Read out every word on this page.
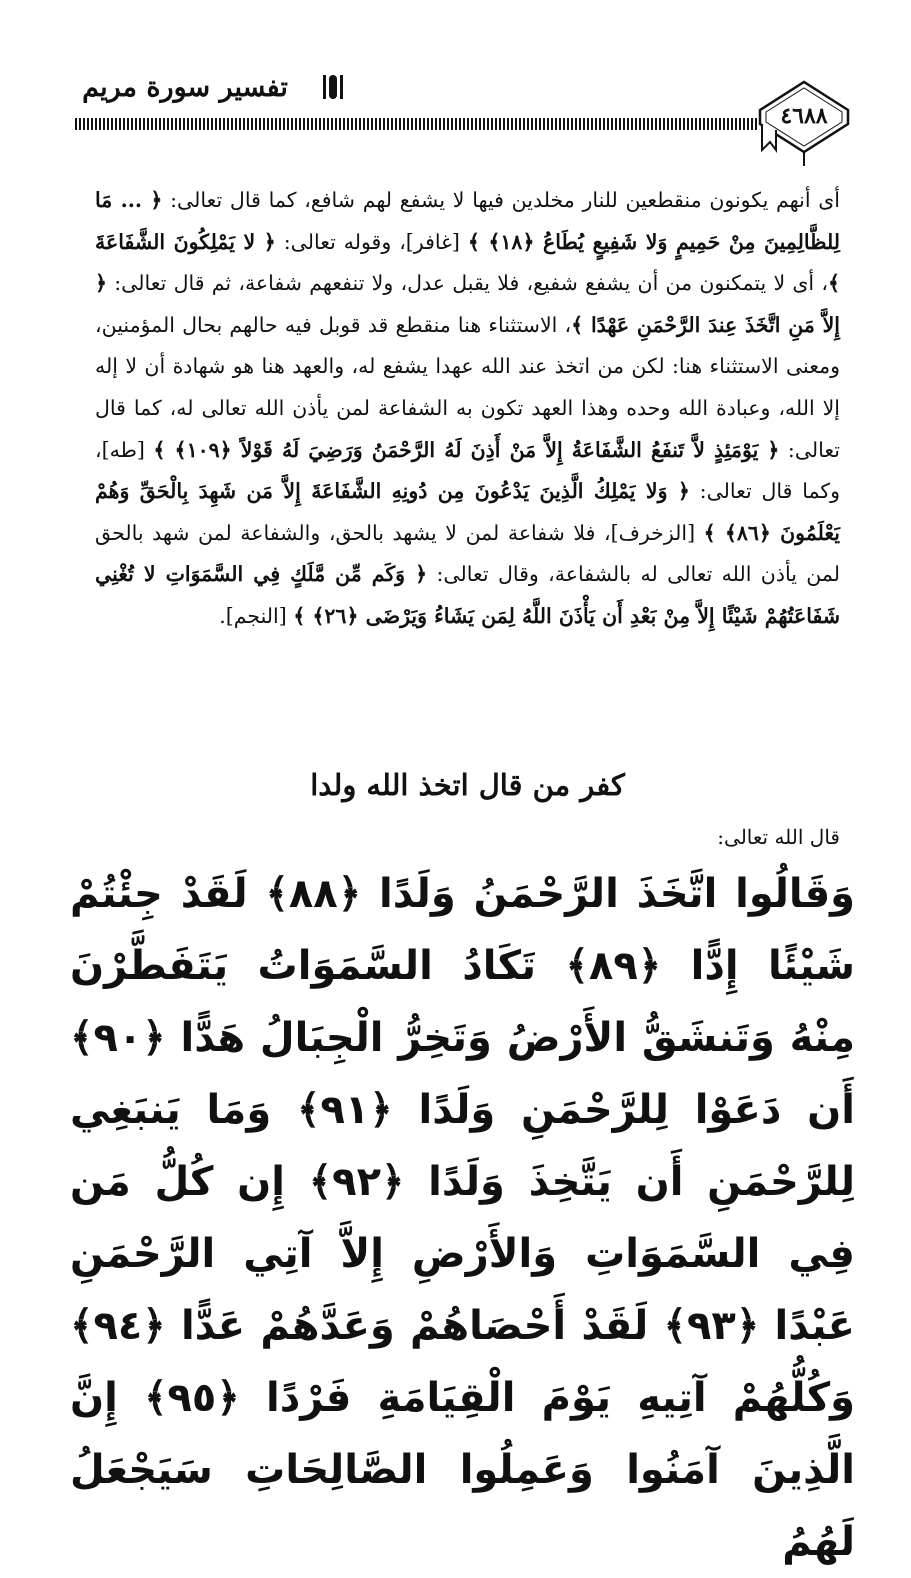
تفسير سورة مريم
٤٦٨٨

أى أنهم يكونون منقطعين للنار مخلدين فيها لا يشفع لهم شافع، كما قال تعالى: ﴿ ... مَا لِلظَّالِمِينَ مِنْ حَمِيمٍ وَلا شَفِيعٍ يُطَاعُ ﴿١٨﴾ ﴾ [غافر]، وقوله تعالى: ﴿ لا يَمْلِكُونَ الشَّفَاعَةَ ﴾، أى لا يتمكنون من أن يشفع شفيع، فلا يقبل عدل، ولا تنفعهم شفاعة، ثم قال تعالى: ﴿ إِلاَّ مَنِ اتَّخَذَ عِندَ الرَّحْمَنِ عَهْدًا ﴾، الاستثناء هنا منقطع قد قوبل فيه حالهم بحال المؤمنين، ومعنى الاستثناء هنا: لكن من اتخذ عند الله عهدا يشفع له، والعهد هنا هو شهادة أن لا إله إلا الله، وعبادة الله وحده وهذا العهد تكون به الشفاعة لمن يأذن الله تعالى له، كما قال تعالى: ﴿ يَوْمَئِذٍ لاَّ تَنفَعُ الشَّفَاعَةُ إِلاَّ مَنْ أَذِنَ لَهُ الرَّحْمَنُ وَرَضِيَ لَهُ قَوْلاً ﴿١٠٩﴾ ﴾ [طه]، وكما قال تعالى: ﴿ وَلا يَمْلِكُ الَّذِينَ يَدْعُونَ مِن دُونِهِ الشَّفَاعَةَ إِلاَّ مَن شَهِدَ بِالْحَقِّ وَهُمْ يَعْلَمُونَ ﴿٨٦﴾ ﴾ [الزخرف]، فلا شفاعة لمن لا يشهد بالحق، والشفاعة لمن شهد بالحق لمن يأذن الله تعالى له بالشفاعة، وقال تعالى: ﴿ وَكَم مِّن مَّلَكٍ فِي السَّمَوَاتِ لا تُغْنِي شَفَاعَتُهُمْ شَيْئًا إِلاَّ مِنْ بَعْدِ أَن يَأْذَنَ اللَّهُ لِمَن يَشَاءُ وَيَرْضَى ﴿٢٦﴾ ﴾ [النجم].

كفر من قال اتخذ الله ولدا
قال الله تعالى:

وَقَالُوا اتَّخَذَ الرَّحْمَنُ وَلَدًا ﴿٨٨﴾ لَقَدْ جِئْتُمْ شَيْئًا إِدًّا ﴿٨٩﴾ تَكَادُ السَّمَوَاتُ يَتَفَطَّرْنَ مِنْهُ وَتَنشَقُّ الأَرْضُ وَتَخِرُّ الْجِبَالُ هَدًّا ﴿٩٠﴾ أَن دَعَوْا لِلرَّحْمَنِ وَلَدًا ﴿٩١﴾ وَمَا يَنبَغِي لِلرَّحْمَنِ أَن يَتَّخِذَ وَلَدًا ﴿٩٢﴾ إِن كُلُّ مَن فِي السَّمَوَاتِ وَالأَرْضِ إِلاَّ آتِي الرَّحْمَنِ عَبْدًا ﴿٩٣﴾ لَقَدْ أَحْصَاهُمْ وَعَدَّهُمْ عَدًّا ﴿٩٤﴾ وَكُلُّهُمْ آتِيهِ يَوْمَ الْقِيَامَةِ فَرْدًا ﴿٩٥﴾ إِنَّ الَّذِينَ آمَنُوا وَعَمِلُوا الصَّالِحَاتِ سَيَجْعَلُ لَهُمُ
